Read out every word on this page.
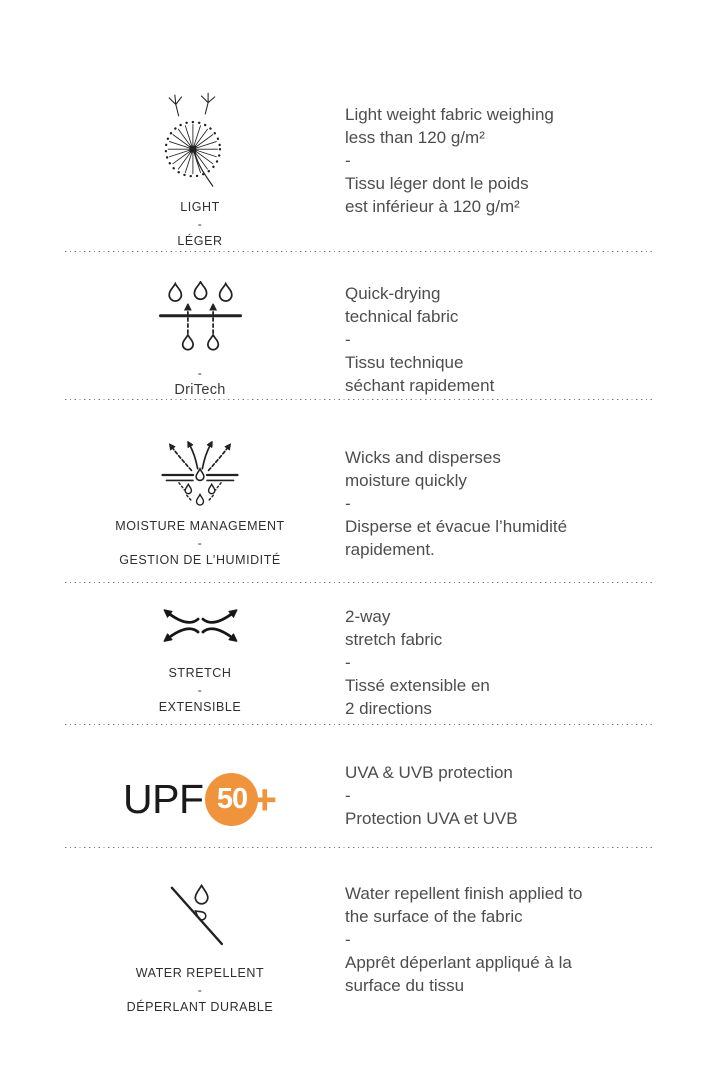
LIGHT
-
LÉGER
Light weight fabric weighing
less than 120 g/m²
-
Tissu léger dont le poids
est inférieur à 120 g/m²
-
DriTech
Quick-drying
technical fabric
-
Tissu technique
séchant rapidement
MOISTURE MANAGEMENT
-
GESTION DE L’HUMIDITÉ
Wicks and disperses
moisture quickly
-
Disperse et évacue l’humidité
rapidement.
STRETCH
-
EXTENSIBLE
2-way
stretch fabric
-
Tissé extensible en
2 directions
UPF 50 +
UVA & UVB protection
-
Protection UVA et UVB
WATER REPELLENT
-
DÉPERLANT DURABLE
Water repellent finish applied to
the surface of the fabric
-
Apprêt déperlant appliqué à la
surface du tissu
